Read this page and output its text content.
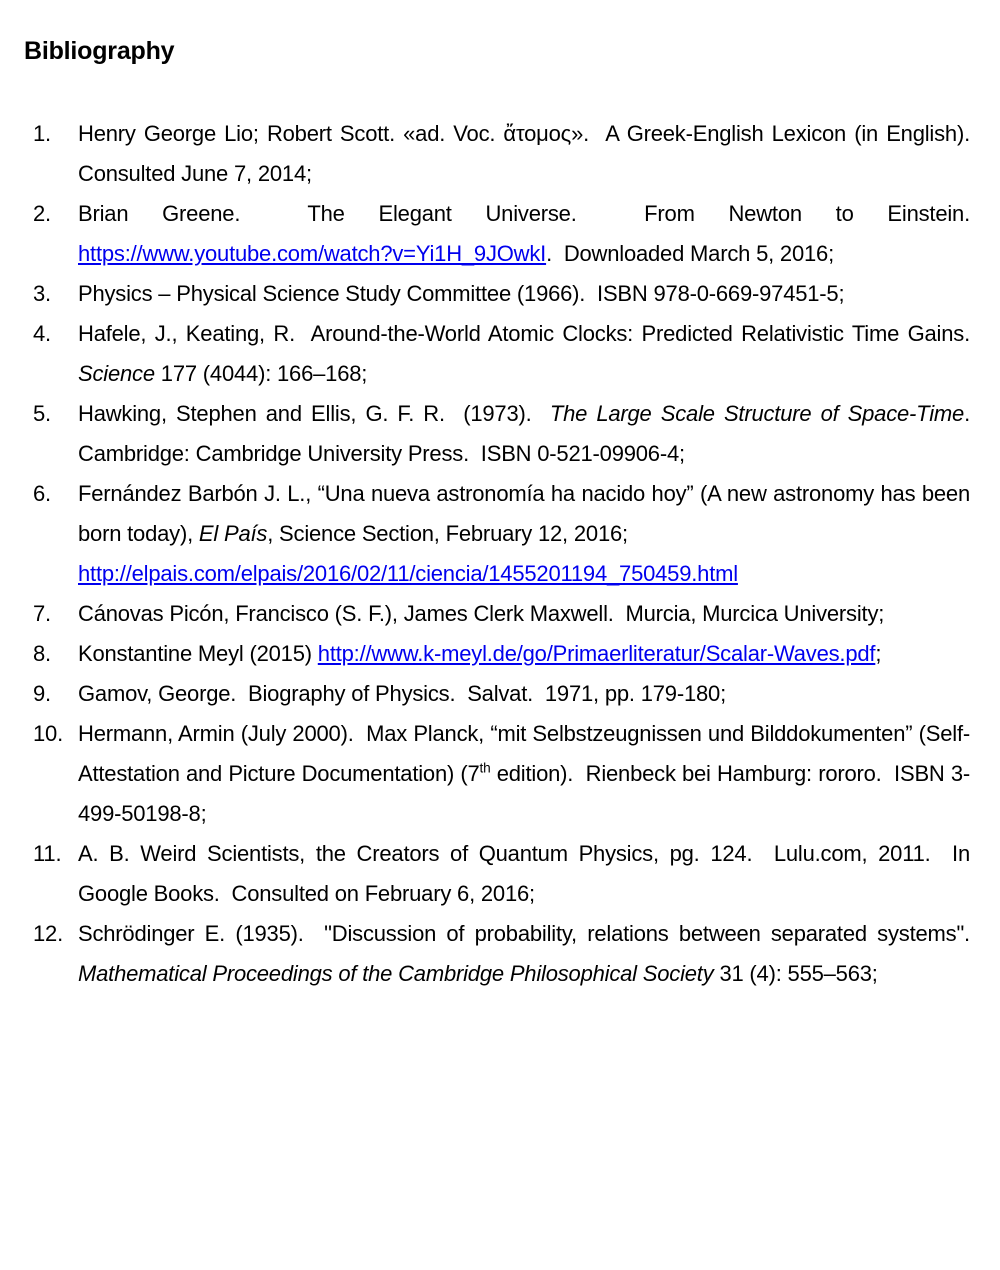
Bibliography
1.	Henry George Lio; Robert Scott. «ad. Voc. ἄτομος».  A Greek-English Lexicon (in English).  Consulted June 7, 2014;
2.	Brian Greene.  The Elegant Universe.  From Newton to Einstein. https://www.youtube.com/watch?v=Yi1H_9JOwkI.  Downloaded March 5, 2016;
3.	Physics – Physical Science Study Committee (1966).  ISBN 978-0-669-97451-5;
4.	Hafele, J., Keating, R.  Around-the-World Atomic Clocks: Predicted Relativistic Time Gains.  Science 177 (4044): 166–168;
5.	Hawking, Stephen and Ellis, G. F. R.  (1973).  The Large Scale Structure of Space-Time.  Cambridge: Cambridge University Press.  ISBN 0-521-09906-4;
6.	Fernández Barbón J. L., “Una nueva astronomía ha nacido hoy” (A new astronomy has been born today), El País, Science Section, February 12, 2016;
http://elpais.com/elpais/2016/02/11/ciencia/1455201194_750459.html
7.	Cánovas Picón, Francisco (S. F.), James Clerk Maxwell.  Murcia, Murcica University;
8.	Konstantine Meyl (2015) http://www.k-meyl.de/go/Primaerliteratur/Scalar-Waves.pdf;
9.	Gamov, George.  Biography of Physics.  Salvat.  1971, pp. 179-180;
10. Hermann, Armin (July 2000).  Max Planck, “mit Selbstzeugnissen und Bilddokumenten” (Self-Attestation and Picture Documentation) (7th edition).  Rienbeck bei Hamburg: rororo.  ISBN 3-499-50198-8;
11. A. B. Weird Scientists, the Creators of Quantum Physics, pg. 124.  Lulu.com, 2011.  In Google Books.  Consulted on February 6, 2016;
12. Schrödinger E. (1935).  "Discussion of probability, relations between separated systems".  Mathematical Proceedings of the Cambridge Philosophical Society 31 (4): 555–563;
